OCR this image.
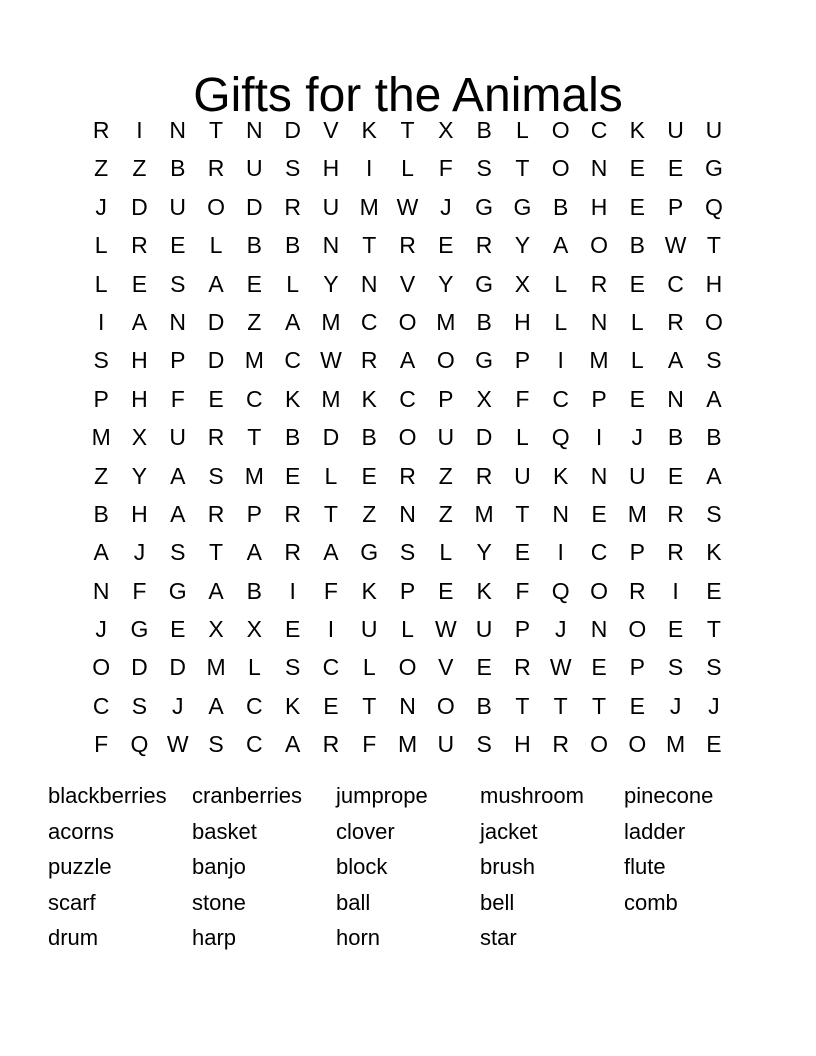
Gifts for the Animals
R	I	N T N D V K	T	X B	L O C K U U
Z	Z	B R U S H	I	L	F	S	T O N E E G
J	D U O D R U M W J	G G B H E P Q
L	R E	L	B B N T R E R Y A O B W T
L	E S A E	L	Y N V Y G X	L	R E C H
I	A N D Z	A M C O M B H	L	N	L	R O
S H P D M C W R A O G P	I	M L	A S
P H F	E C K M K C P X	F C P E N A
M X U R T	B D B O U D	L Q	I	J	B B
Z	Y A S M E	L	E R Z R U K N U E A
B H A R P R T	Z N Z M T N E M R S
A	J	S	T	A R A G S	L	Y E	I	C P R K
N F G A B	I	F	K P E K	F Q O R	I	E
J	G E X X E	I	U	L W U P	J	N O E	T
O D D M L	S C	L O V E R W E P S S
C S	J	A C K E	T N O B	T	T	T	E	J	J
F Q W S C A R F M U S H R O O M E
blackberries	cranberries	jumprope	mushroom	pinecone
acorns	basket	clover	jacket	ladder
puzzle	banjo	block	brush	flute
scarf	stone	ball	bell	comb
drum	harp	horn	star
